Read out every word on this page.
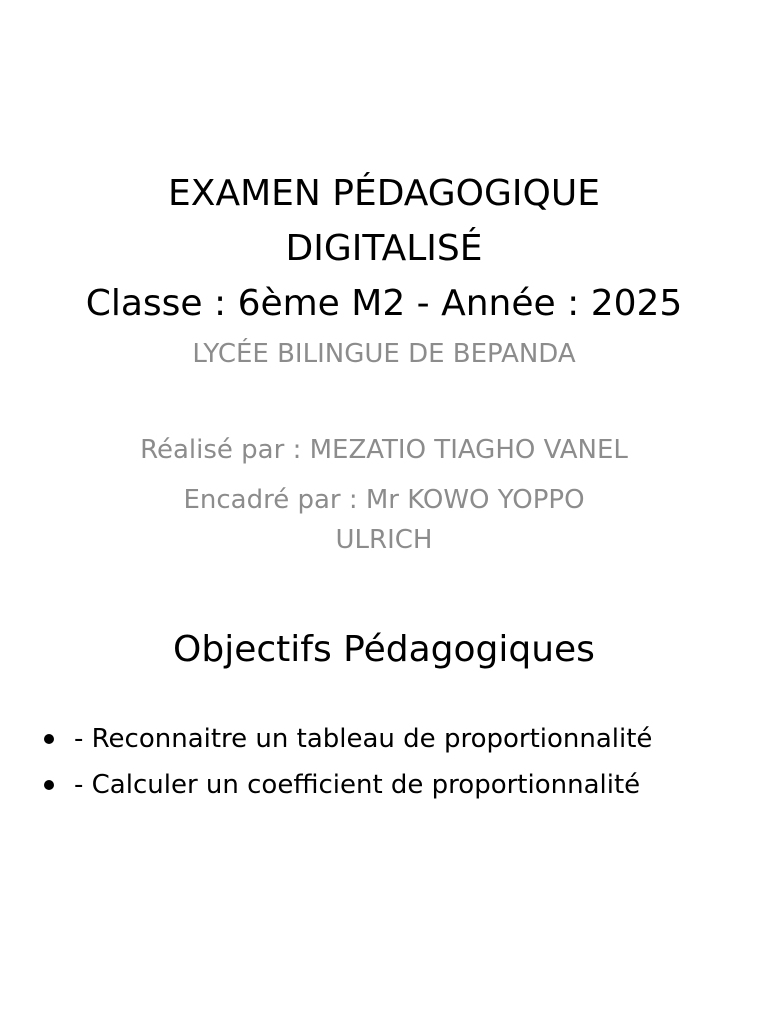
EXAMEN PÉDAGOGIQUE
DIGITALISÉ
Classe : 6ème M2 - Année : 2025
LYCÉE BILINGUE DE BEPANDA
Réalisé par : MEZATIO TIAGHO VANEL
Encadré par : Mr KOWO YOPPO
ULRICH
Objectifs Pédagogiques
- Reconnaitre un tableau de proportionnalité
- Calculer un coefficient de proportionnalité
